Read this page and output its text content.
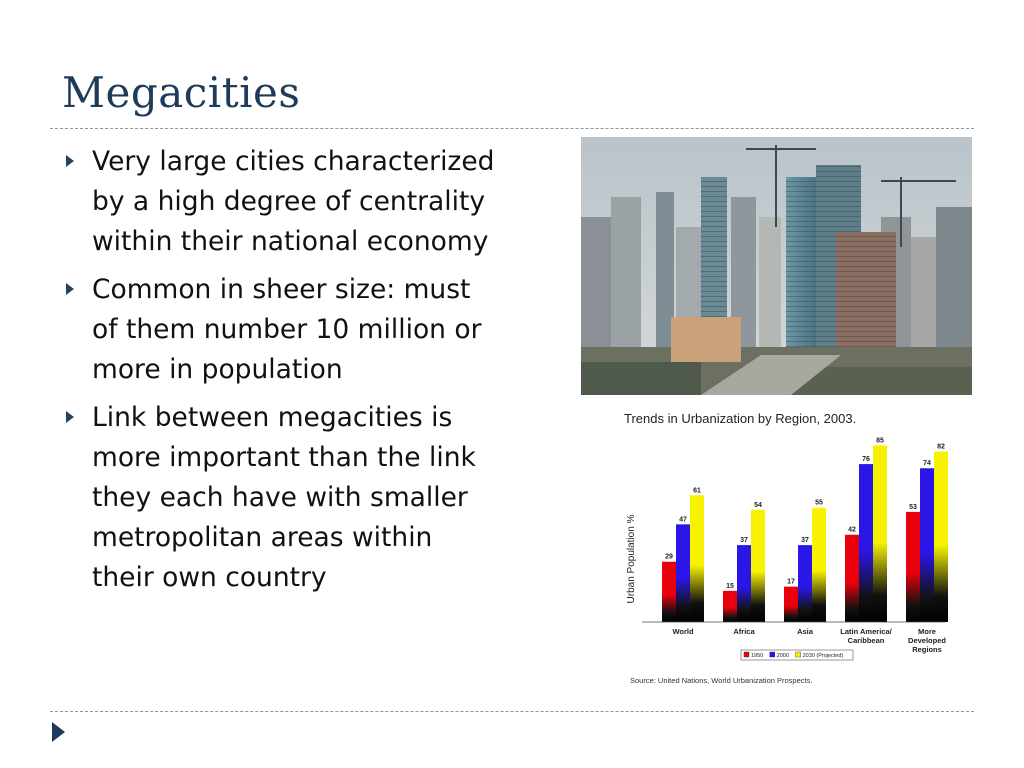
Megacities
Very large cities characterized by a high degree of centrality within their national economy
Common in sheer size: must of them number 10 million or more in population
Link between megacities is more important than the link they each have with smaller metropolitan areas within their own country
Trends in Urbanization by Region, 2003.
Urban Population %	29
47
61
15
37
54
17
37
55
42
76
85
53
74
82
World	Africa	Asia	Latin America/ Caribbean
More Developed Regions
1950 2000 2030 (Projected)
Source: United Nations, World Urbanization Prospects.
